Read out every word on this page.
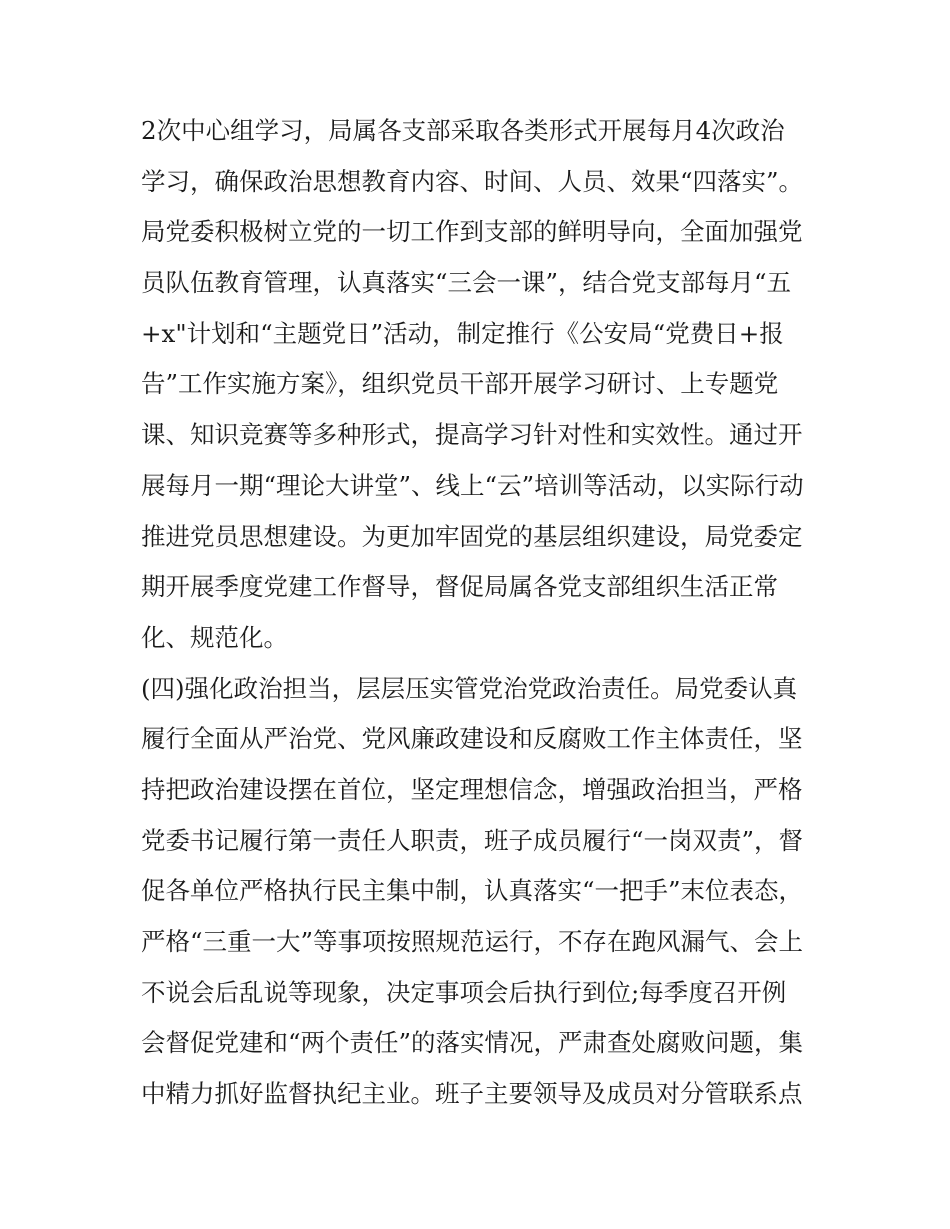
2次中心组学习，局属各支部采取各类形式开展每月4次政治
学习，确保政治思想教育内容、时间、人员、效果“四落实”。
局党委积极树立党的一切工作到支部的鲜明导向，全面加强党
员队伍教育管理，认真落实“三会一课”，结合党支部每月“五
+x"计划和“主题党日”活动，制定推行《公安局“党费日+报
告”工作实施方案》，组织党员干部开展学习研讨、上专题党
课、知识竞赛等多种形式，提高学习针对性和实效性。通过开
展每月一期“理论大讲堂”、线上“云”培训等活动，以实际行动
推进党员思想建设。为更加牢固党的基层组织建设，局党委定
期开展季度党建工作督导，督促局属各党支部组织生活正常
化、规范化。
(四)强化政治担当，层层压实管党治党政治责任。局党委认真
履行全面从严治党、党风廉政建设和反腐败工作主体责任，坚
持把政治建设摆在首位，坚定理想信念，增强政治担当，严格
党委书记履行第一责任人职责，班子成员履行“一岗双责”，督
促各单位严格执行民主集中制，认真落实“一把手”末位表态，
严格“三重一大”等事项按照规范运行，不存在跑风漏气、会上
不说会后乱说等现象，决定事项会后执行到位;每季度召开例
会督促党建和“两个责任”的落实情况，严肃查处腐败问题，集
中精力抓好监督执纪主业。班子主要领导及成员对分管联系点
